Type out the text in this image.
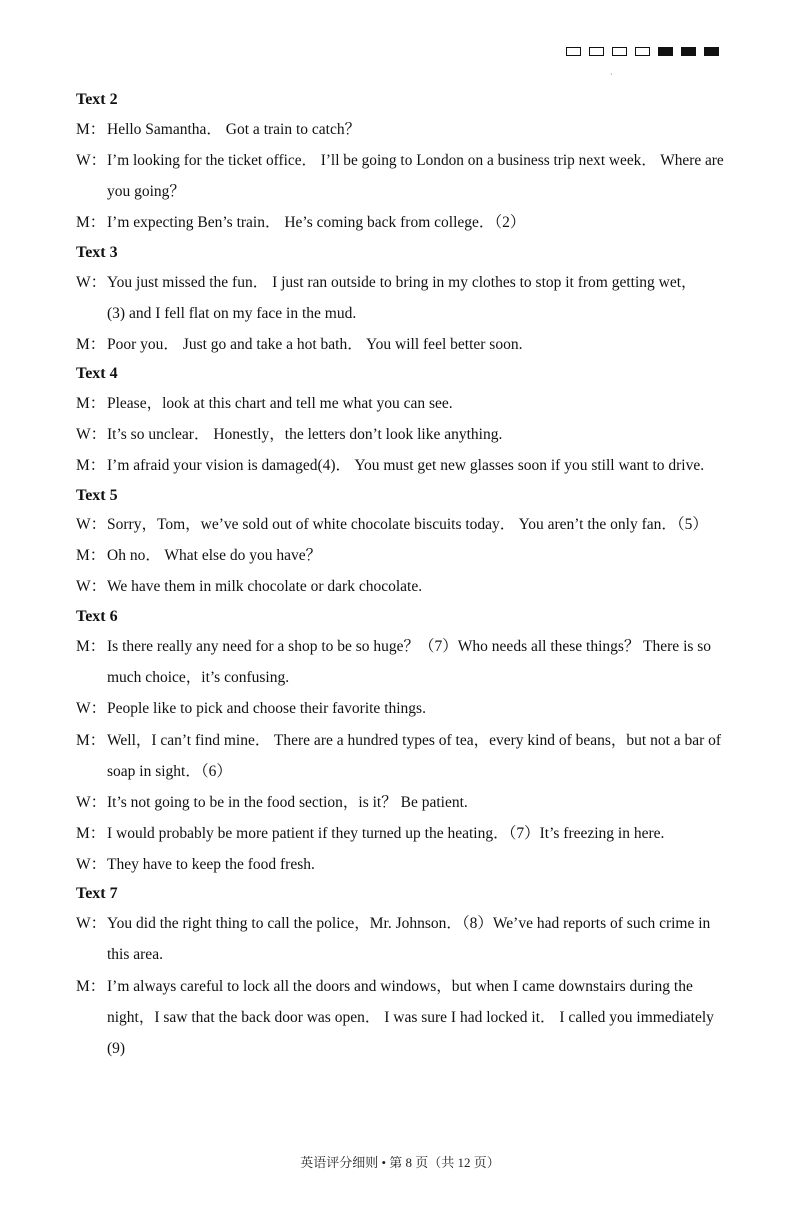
·
Text 2
M： Hello Samantha． Got a train to catch？
W： I’m looking for the ticket office． I’ll be going to London on a business trip next week． Where are
you going？
M： I’m expecting Ben’s train． He’s coming back from college．（2）
Text 3
W： You just missed the fun． I just ran outside to bring in my clothes to stop it from getting wet，
(3) and I fell flat on my face in the mud.
M： Poor you． Just go and take a hot bath． You will feel better soon.
Text 4
M： Please，look at this chart and tell me what you can see.
W： It’s so unclear． Honestly，the letters don’t look like anything.
M： I’m afraid your vision is damaged(4)． You must get new glasses soon if you still want to drive.
Text 5
W： Sorry，Tom，we’ve sold out of white chocolate biscuits today． You aren’t the only fan．（5）
M： Oh no． What else do you have？
W： We have them in milk chocolate or dark chocolate.
Text 6
M： Is there really any need for a shop to be so huge？（7）Who needs all these things？ There is so
much choice，it’s confusing.
W： People like to pick and choose their favorite things.
M： Well，I can’t find mine． There are a hundred types of tea，every kind of beans，but not a bar of
soap in sight．（6）
W： It’s not going to be in the food section，is it？ Be patient.
M： I would probably be more patient if they turned up the heating．（7）It’s freezing in here.
W： They have to keep the food fresh.
Text 7
W： You did the right thing to call the police，Mr. Johnson．（8）We’ve had reports of such crime in
this area.
M： I’m always careful to lock all the doors and windows，but when I came downstairs during the
night，I saw that the back door was open． I was sure I had locked it． I called you immediately
(9)
英语评分细则 • 第 8 页（共 12 页）
